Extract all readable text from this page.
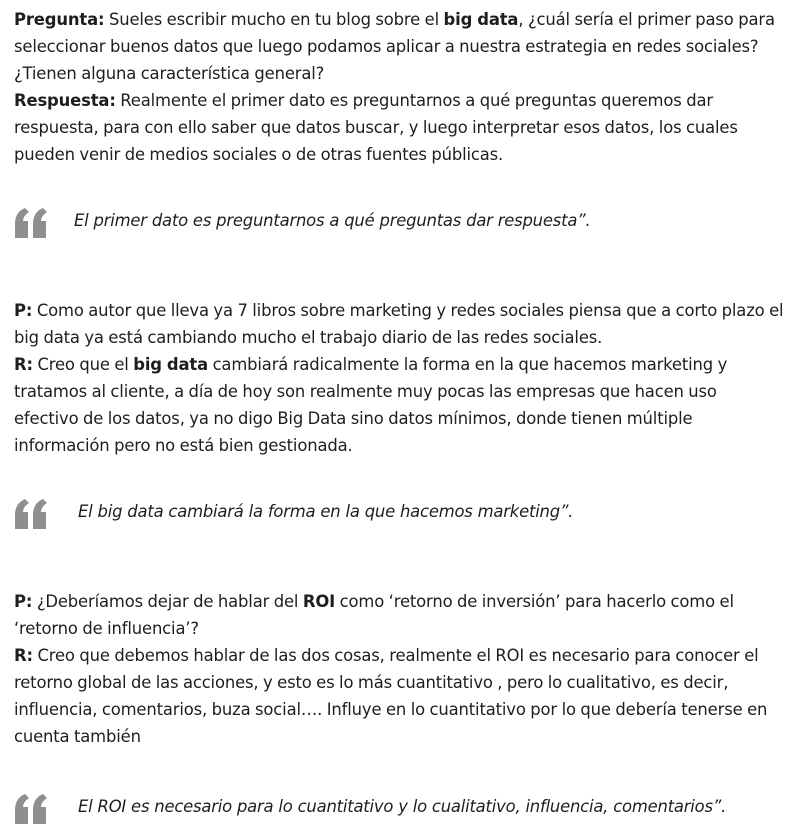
Pregunta: Sueles escribir mucho en tu blog sobre el big data, ¿cuál sería el primer paso para seleccionar buenos datos que luego podamos aplicar a nuestra estrategia en redes sociales? ¿Tienen alguna característica general?

Respuesta: Realmente el primer dato es preguntarnos a qué preguntas queremos dar respuesta, para con ello saber que datos buscar, y luego interpretar esos datos, los cuales pueden venir de medios sociales o de otras fuentes públicas.

El primer dato es preguntarnos a qué preguntas dar respuesta”.

P: Como autor que lleva ya 7 libros sobre marketing y redes sociales piensa que a corto plazo el big data ya está cambiando mucho el trabajo diario de las redes sociales.

R: Creo que el big data cambiará radicalmente la forma en la que hacemos marketing y tratamos al cliente, a día de hoy son realmente muy pocas las empresas que hacen uso efectivo de los datos, ya no digo Big Data sino datos mínimos, donde tienen múltiple información pero no está bien gestionada.

El big data cambiará la forma en la que hacemos marketing”.

P: ¿Deberíamos dejar de hablar del ROI como ‘retorno de inversión’ para hacerlo como el ‘retorno de influencia’?

R: Creo que debemos hablar de las dos cosas, realmente el ROI es necesario para conocer el retorno global de las acciones, y esto es lo más cuantitativo , pero lo cualitativo, es decir, influencia, comentarios, buza social…. Influye en lo cuantitativo por lo que debería tenerse en cuenta también

El ROI es necesario para lo cuantitativo y lo cualitativo, influencia, comentarios”.
